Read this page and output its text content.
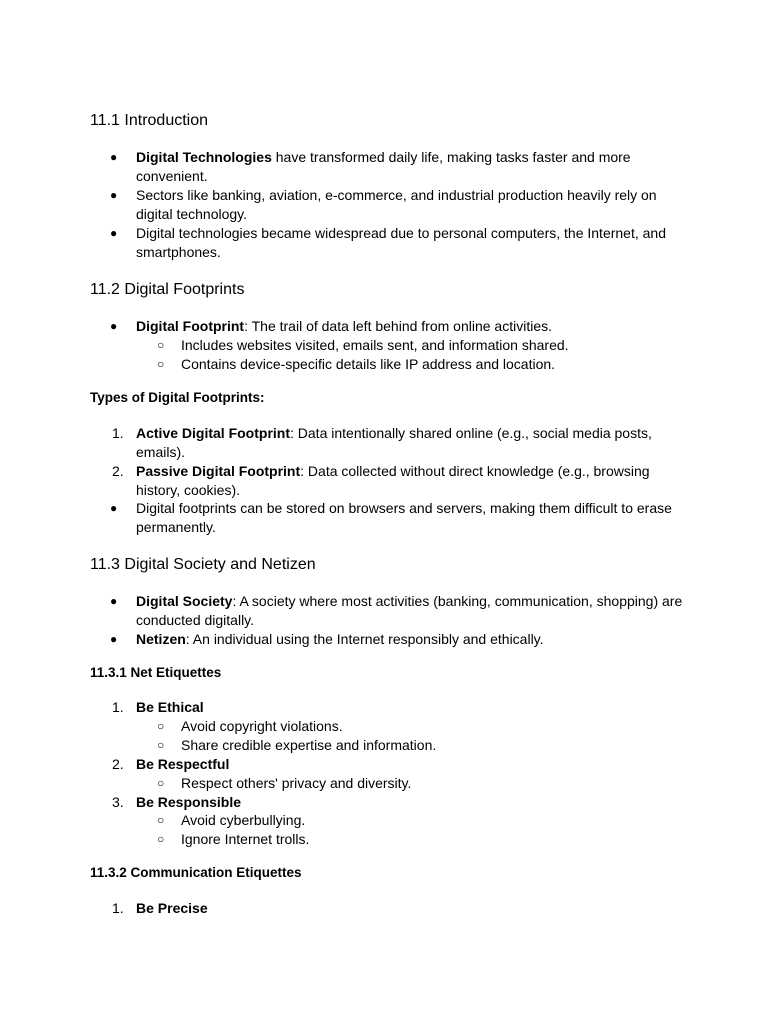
11.1 Introduction
● Digital Technologies have transformed daily life, making tasks faster and more convenient.
● Sectors like banking, aviation, e-commerce, and industrial production heavily rely on digital technology.
● Digital technologies became widespread due to personal computers, the Internet, and smartphones.
11.2 Digital Footprints
● Digital Footprint: The trail of data left behind from online activities.
○ Includes websites visited, emails sent, and information shared.
○ Contains device-specific details like IP address and location.
Types of Digital Footprints:
1. Active Digital Footprint: Data intentionally shared online (e.g., social media posts, emails).
2. Passive Digital Footprint: Data collected without direct knowledge (e.g., browsing history, cookies).
● Digital footprints can be stored on browsers and servers, making them difficult to erase permanently.
11.3 Digital Society and Netizen
● Digital Society: A society where most activities (banking, communication, shopping) are conducted digitally.
● Netizen: An individual using the Internet responsibly and ethically.
11.3.1 Net Etiquettes
1. Be Ethical
○ Avoid copyright violations.
○ Share credible expertise and information.
2. Be Respectful
○ Respect others' privacy and diversity.
3. Be Responsible
○ Avoid cyberbullying.
○ Ignore Internet trolls.
11.3.2 Communication Etiquettes
1. Be Precise
